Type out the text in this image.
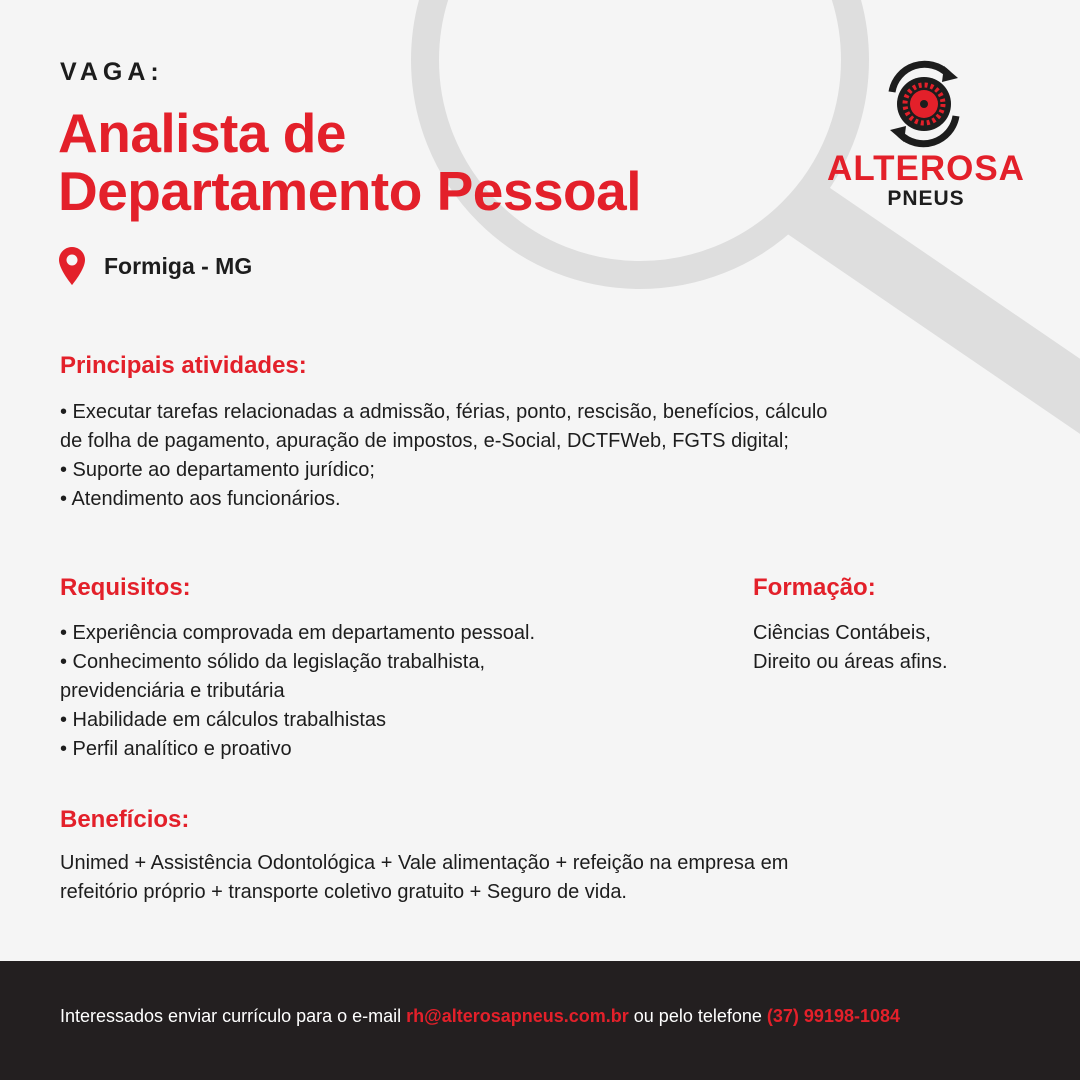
VAGA:
Analista de
Departamento Pessoal
Formiga - MG
ALTEROSA
PNEUS
Principais atividades:
• Executar tarefas relacionadas a admissão, férias, ponto, rescisão, benefícios, cálculo
de folha de pagamento, apuração de impostos, e-Social, DCTFWeb, FGTS digital;
• Suporte ao departamento jurídico;
• Atendimento aos funcionários.
Requisitos:
• Experiência comprovada em departamento pessoal.
• Conhecimento sólido da legislação trabalhista,
previdenciária e tributária
• Habilidade em cálculos trabalhistas
• Perfil analítico e proativo
Formação:
Ciências Contábeis,
Direito ou áreas afins.
Benefícios:
Unimed + Assistência Odontológica + Vale alimentação + refeição na empresa em
refeitório próprio + transporte coletivo gratuito + Seguro de vida.
Interessados enviar currículo para o e-mail rh@alterosapneus.com.br ou pelo telefone (37) 99198-1084
